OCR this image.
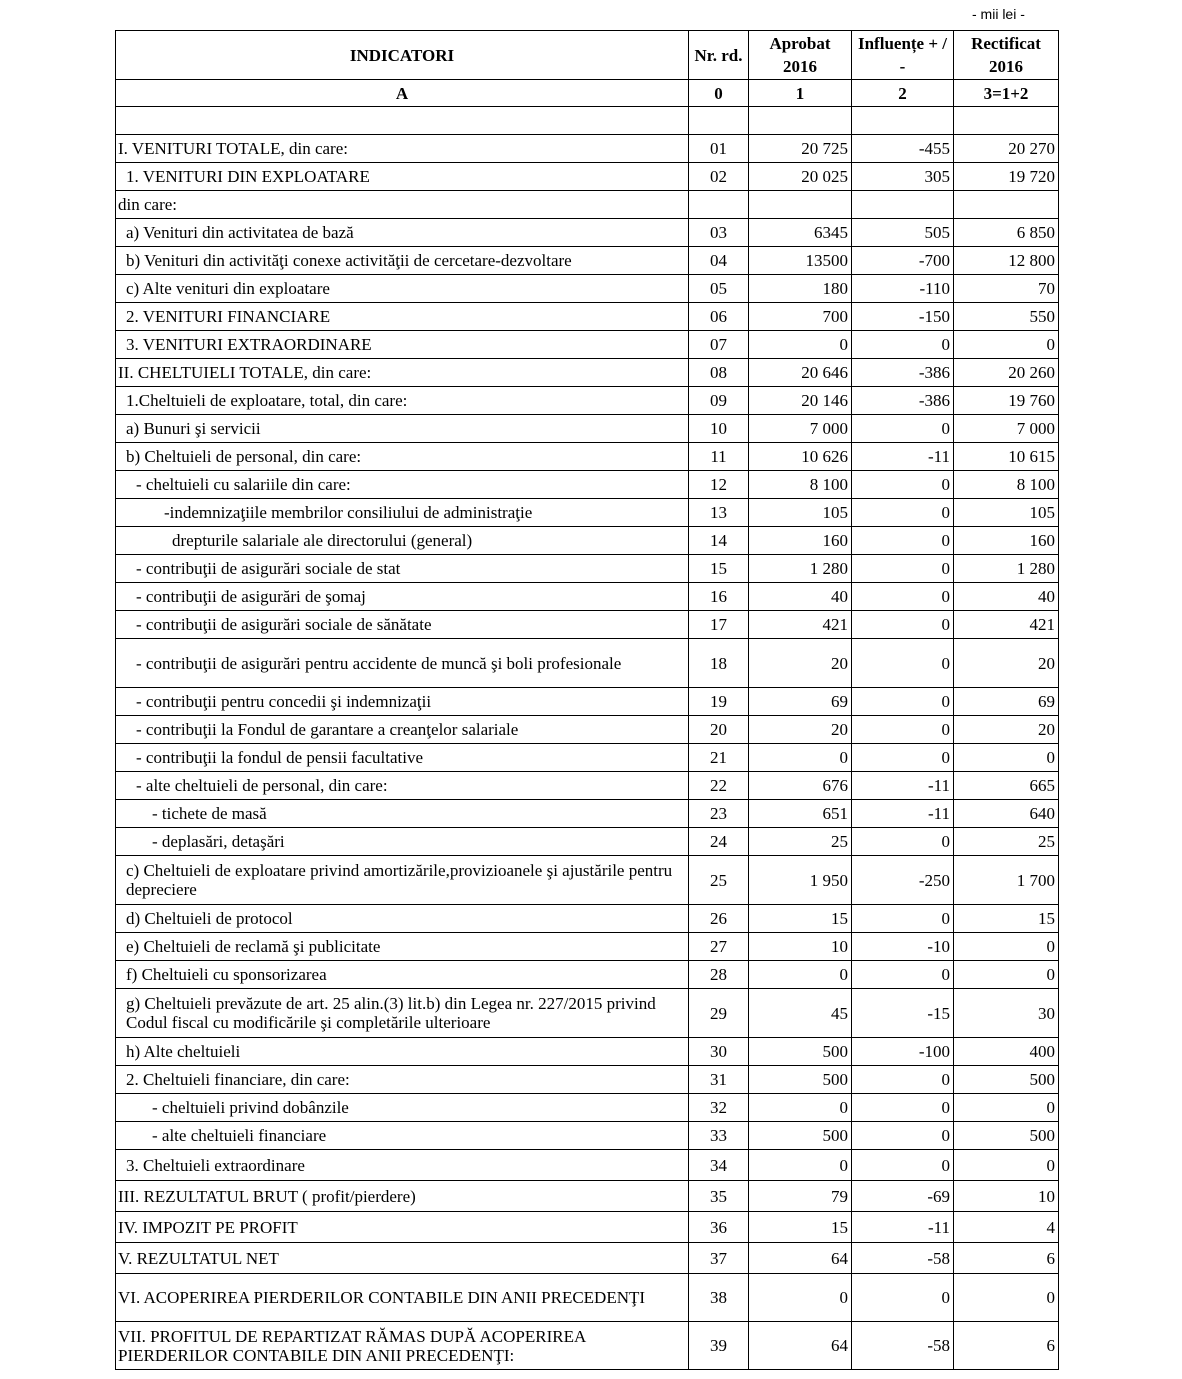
- mii lei -
INDICATORI	Nr. rd.	Aprobat 2016	Influențe + / -	Rectificat 2016
A	0	1	2	3=1+2

I. VENITURI TOTALE, din care:	01	20 725	-455	20 270
1. VENITURI DIN EXPLOATARE	02	20 025	305	19 720
din care:				
a) Venituri din activitatea de bază	03	6345	505	6 850
b) Venituri din activităţi conexe activităţii de cercetare-dezvoltare	04	13500	-700	12 800
c) Alte venituri din exploatare	05	180	-110	70
2. VENITURI FINANCIARE	06	700	-150	550
3. VENITURI EXTRAORDINARE	07	0	0	0
II. CHELTUIELI TOTALE, din care:	08	20 646	-386	20 260
1.Cheltuieli de exploatare, total, din care:	09	20 146	-386	19 760
a) Bunuri şi servicii	10	7 000	0	7 000
b) Cheltuieli de personal, din care:	11	10 626	-11	10 615
- cheltuieli cu salariile din care:	12	8 100	0	8 100
-indemnizaţiile membrilor consiliului de administraţie	13	105	0	105
drepturile salariale ale directorului (general)	14	160	0	160
- contribuţii de asigurări sociale de stat	15	1 280	0	1 280
- contribuţii de asigurări de şomaj	16	40	0	40
- contribuţii de asigurări sociale de sănătate	17	421	0	421
- contribuţii de asigurări pentru accidente de muncă şi boli profesionale	18	20	0	20
- contribuţii pentru concedii şi indemnizaţii	19	69	0	69
- contribuţii la Fondul de garantare a creanţelor salariale	20	20	0	20
- contribuţii la fondul de pensii facultative	21	0	0	0
- alte cheltuieli de personal, din care:	22	676	-11	665
- tichete de masă	23	651	-11	640
- deplasări, detaşări	24	25	0	25
c) Cheltuieli de exploatare privind amortizările,provizioanele şi ajustările pentru depreciere	25	1 950	-250	1 700
d) Cheltuieli de protocol	26	15	0	15
e) Cheltuieli de reclamă şi publicitate	27	10	-10	0
f) Cheltuieli cu sponsorizarea	28	0	0	0
g) Cheltuieli prevăzute de art. 25 alin.(3) lit.b) din Legea nr. 227/2015 privind Codul fiscal cu modificările şi completările ulterioare	29	45	-15	30
h) Alte cheltuieli	30	500	-100	400
2. Cheltuieli financiare, din care:	31	500	0	500
- cheltuieli privind dobânzile	32	0	0	0
- alte cheltuieli financiare	33	500	0	500
3. Cheltuieli extraordinare	34	0	0	0
III. REZULTATUL BRUT ( profit/pierdere)	35	79	-69	10
IV. IMPOZIT PE PROFIT	36	15	-11	4
V. REZULTATUL NET	37	64	-58	6
VI. ACOPERIREA PIERDERILOR CONTABILE DIN ANII PRECEDENŢI	38	0	0	0
VII. PROFITUL DE REPARTIZAT RĂMAS DUPĂ ACOPERIREA PIERDERILOR CONTABILE DIN ANII PRECEDENŢI:	39	64	-58	6
